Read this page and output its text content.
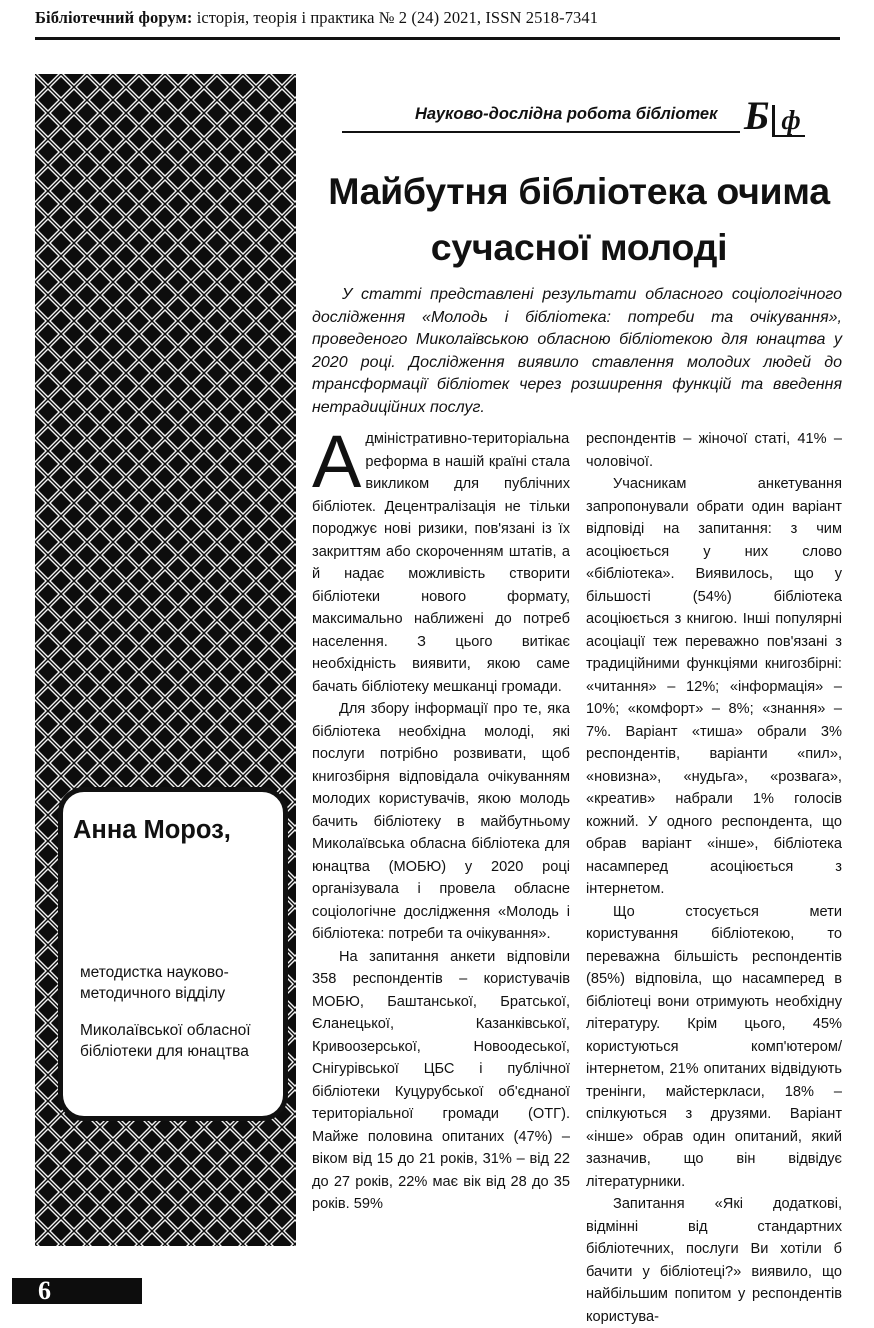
Бібліотечний форум: історія, теорія і практика № 2 (24) 2021, ISSN 2518-7341
Анна Мороз,
методистка науково-методичного відділу
Миколаївської обласної бібліотеки для юнацтва
Науково-дослідна робота бібліотек Б ф
Майбутня бібліотека очима сучасної молоді
У статті представлені результати обласного соціологічного дослідження «Молодь і бібліотека: потреби та очікування», проведеного Миколаївською обласною бібліотекою для юнацтва у 2020 році. Дослідження виявило ставлення молодих людей до трансформації бібліотек через розширення функцій та введення нетрадиційних послуг.

Адміністративно-територіальна реформа в нашій країні стала викликом для публічних бібліотек. Децентралізація не тільки породжує нові ризики, пов'язані із їх закриттям або скороченням штатів, а й надає можливість створити бібліотеки нового формату, максимально наближені до потреб населення. З цього витікає необхідність виявити, якою саме бачать бібліотеку мешканці громади.

Для збору інформації про те, яка бібліотека необхідна молоді, які послуги потрібно розвивати, щоб книгозбірня відповідала очікуванням молодих користувачів, якою молодь бачить бібліотеку в майбутньому Миколаївська обласна бібліотека для юнацтва (МОБЮ) у 2020 році організувала і провела обласне соціологічне дослідження «Молодь і бібліотека: потреби та очікування».

На запитання анкети відповіли 358 респондентів – користувачів МОБЮ, Баштанської, Братської, Єланецької, Казанківської, Кривоозерської, Новоодеської, Снігурівської ЦБС і публічної бібліотеки Куцурубської об'єднаної територіальної громади (ОТГ). Майже половина опитаних (47%) – віком від 15 до 21 років, 31% – від 22 до 27 років, 22% має вік від 28 до 35 років. 59%

респондентів – жіночої статі, 41% – чоловічої.

Учасникам анкетування запропонували обрати один варіант відповіді на запитання: з чим асоціюється у них слово «бібліотека». Виявилось, що у більшості (54%) бібліотека асоціюється з книгою. Інші популярні асоціації теж переважно пов'язані з традиційними функціями книгозбірні: «читання» – 12%; «інформація» – 10%; «комфорт» – 8%; «знання» – 7%. Варіант «тиша» обрали 3% респондентів, варіанти «пил», «новизна», «нудьга», «розвага», «креатив» набрали 1% голосів кожний. У одного респондента, що обрав варіант «інше», бібліотека насамперед асоціюється з інтернетом.

Що стосується мети користування бібліотекою, то переважна більшість респондентів (85%) відповіла, що насамперед в бібліотеці вони отримують необхідну літературу. Крім цього, 45% користуються комп'ютером/інтернетом, 21% опитаних відвідують тренінги, майстеркласи, 18% – спілкуються з друзями. Варіант «інше» обрав один опитаний, який зазначив, що він відвідує літературники.

Запитання «Які додаткові, відмінні від стандартних бібліотечних, послуги Ви хотіли б бачити у бібліотеці?» виявило, що найбільшим попитом у респондентів користува-

6
